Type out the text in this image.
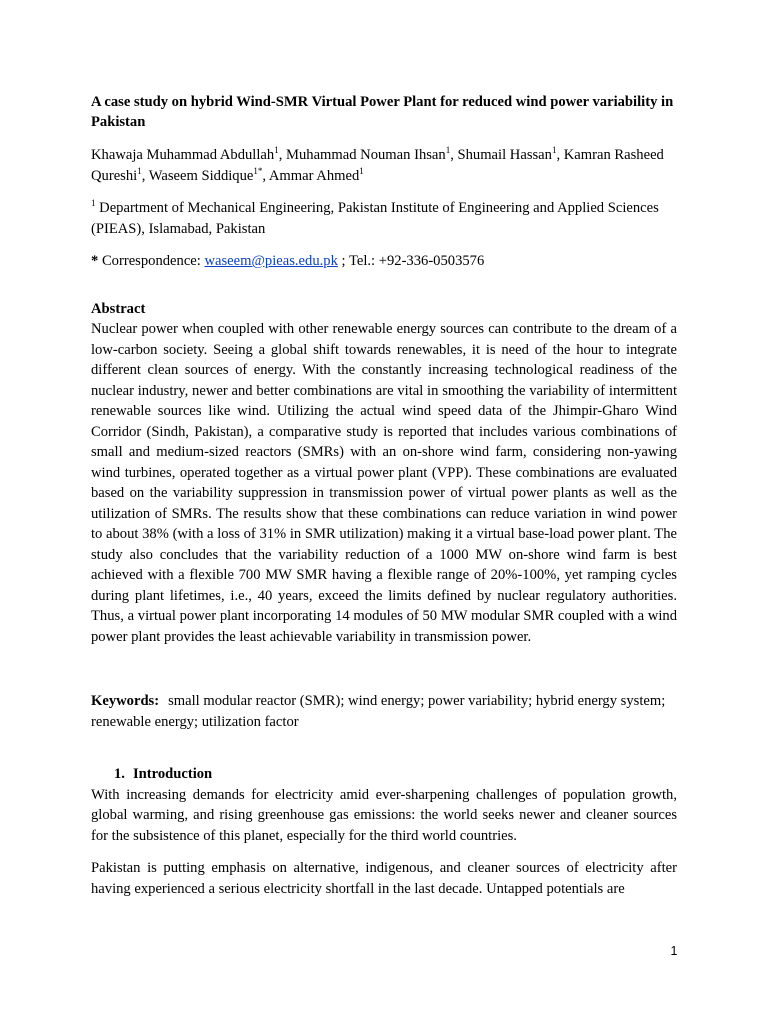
A case study on hybrid Wind-SMR Virtual Power Plant for reduced wind power variability in Pakistan

Khawaja Muhammad Abdullah$^1$, Muhammad Nouman Ihsan$^1$, Shumail Hassan$^1$, Kamran Rasheed Qureshi$^1$, Waseem Siddique$^{1*}$, Ammar Ahmed$^1$

$^1$ Department of Mechanical Engineering, Pakistan Institute of Engineering and Applied Sciences (PIEAS), Islamabad, Pakistan

* Correspondence: waseem@pieas.edu.pk ; Tel.: +92-336-0503576

Abstract

Nuclear power when coupled with other renewable energy sources can contribute to the dream of a low-carbon society. Seeing a global shift towards renewables, it is need of the hour to integrate different clean sources of energy. With the constantly increasing technological readiness of the nuclear industry, newer and better combinations are vital in smoothing the variability of intermittent renewable sources like wind. Utilizing the actual wind speed data of the Jhimpir-Gharo Wind Corridor (Sindh, Pakistan), a comparative study is reported that includes various combinations of small and medium-sized reactors (SMRs) with an on-shore wind farm, considering non-yawing wind turbines, operated together as a virtual power plant (VPP). These combinations are evaluated based on the variability suppression in transmission power of virtual power plants as well as the utilization of SMRs. The results show that these combinations can reduce variation in wind power to about 38% (with a loss of 31% in SMR utilization) making it a virtual base-load power plant. The study also concludes that the variability reduction of a 1000 MW on-shore wind farm is best achieved with a flexible 700 MW SMR having a flexible range of 20%-100%, yet ramping cycles during plant lifetimes, i.e., 40 years, exceed the limits defined by nuclear regulatory authorities. Thus, a virtual power plant incorporating 14 modules of 50 MW modular SMR coupled with a wind power plant provides the least achievable variability in transmission power.

Keywords: small modular reactor (SMR); wind energy; power variability; hybrid energy system; renewable energy; utilization factor

1. Introduction

With increasing demands for electricity amid ever-sharpening challenges of population growth, global warming, and rising greenhouse gas emissions: the world seeks newer and cleaner sources for the subsistence of this planet, especially for the third world countries.

Pakistan is putting emphasis on alternative, indigenous, and cleaner sources of electricity after having experienced a serious electricity shortfall in the last decade. Untapped potentials are

1
